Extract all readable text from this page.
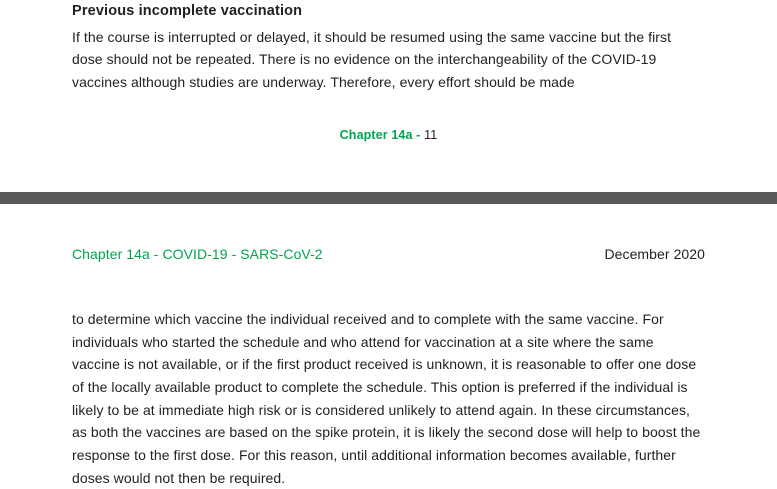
Previous incomplete vaccination

If the course is interrupted or delayed, it should be resumed using the same vaccine but the first dose should not be repeated. There is no evidence on the interchangeability of the COVID-19 vaccines although studies are underway. Therefore, every effort should be made

Chapter 14a - 11
Chapter 14a - COVID-19 - SARS-CoV-2	December 2020

to determine which vaccine the individual received and to complete with the same vaccine. For individuals who started the schedule and who attend for vaccination at a site where the same vaccine is not available, or if the first product received is unknown, it is reasonable to offer one dose of the locally available product to complete the schedule. This option is preferred if the individual is likely to be at immediate high risk or is considered unlikely to attend again. In these circumstances, as both the vaccines are based on the spike protein, it is likely the second dose will help to boost the response to the first dose. For this reason, until additional information becomes available, further doses would not then be required.
